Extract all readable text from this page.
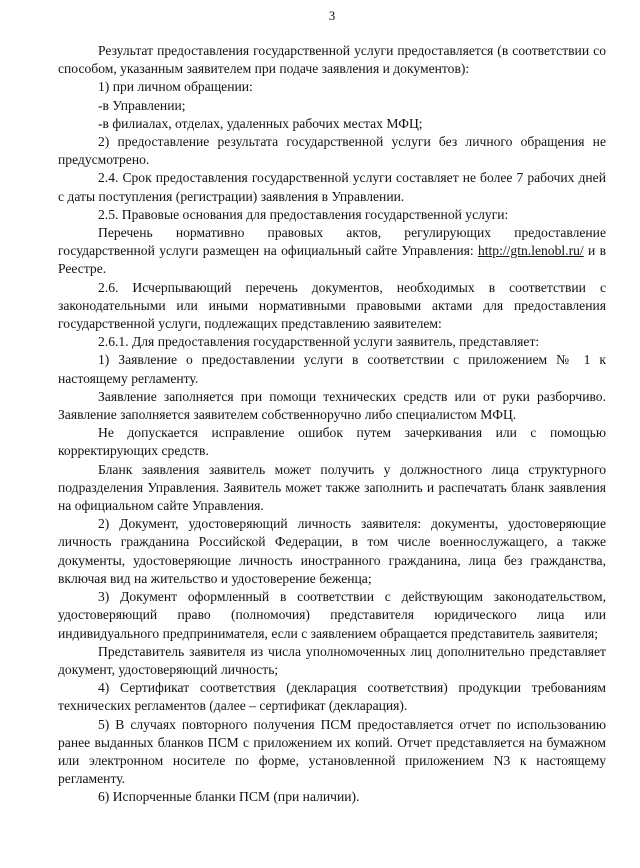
3

Результат предоставления государственной услуги предоставляется (в соответствии со способом, указанным заявителем при подаче заявления и документов):

1) при личном обращении:

-в Управлении;

-в филиалах, отделах, удаленных рабочих местах МФЦ;

2) предоставление результата государственной услуги без личного обращения не предусмотрено.

2.4. Срок предоставления государственной услуги составляет не более 7 рабочих дней с даты поступления (регистрации) заявления в Управлении.

2.5. Правовые основания для предоставления государственной услуги:

Перечень нормативно правовых актов, регулирующих предоставление государственной услуги размещен на официальный сайте Управления: http://gtn.lenobl.ru/ и в Реестре.

2.6. Исчерпывающий перечень документов, необходимых в соответствии с законодательными или иными нормативными правовыми актами для предоставления государственной услуги, подлежащих представлению заявителем:

2.6.1. Для предоставления государственной услуги заявитель, представляет:

1) Заявление о предоставлении услуги в соответствии с приложением № 1 к настоящему регламенту.

Заявление заполняется при помощи технических средств или от руки разборчиво. Заявление заполняется заявителем собственноручно либо специалистом МФЦ.

Не допускается исправление ошибок путем зачеркивания или с помощью корректирующих средств.

Бланк заявления заявитель может получить у должностного лица структурного подразделения Управления. Заявитель может также заполнить и распечатать бланк заявления на официальном сайте Управления.

2) Документ, удостоверяющий личность заявителя: документы, удостоверяющие личность гражданина Российской Федерации, в том числе военнослужащего, а также документы, удостоверяющие личность иностранного гражданина, лица без гражданства, включая вид на жительство и удостоверение беженца;

3) Документ оформленный в соответствии с действующим законодательством, удостоверяющий право (полномочия) представителя юридического лица или индивидуального предпринимателя, если с заявлением обращается представитель заявителя;

Представитель заявителя из числа уполномоченных лиц дополнительно представляет документ, удостоверяющий личность;

4) Сертификат соответствия (декларация соответствия) продукции требованиям технических регламентов (далее – сертификат (декларация).

5) В случаях повторного получения ПСМ предоставляется отчет по использованию ранее выданных бланков ПСМ с приложением их копий. Отчет представляется на бумажном или электронном носителе по форме, установленной приложением N3 к настоящему регламенту.

6) Испорченные бланки ПСМ (при наличии).
